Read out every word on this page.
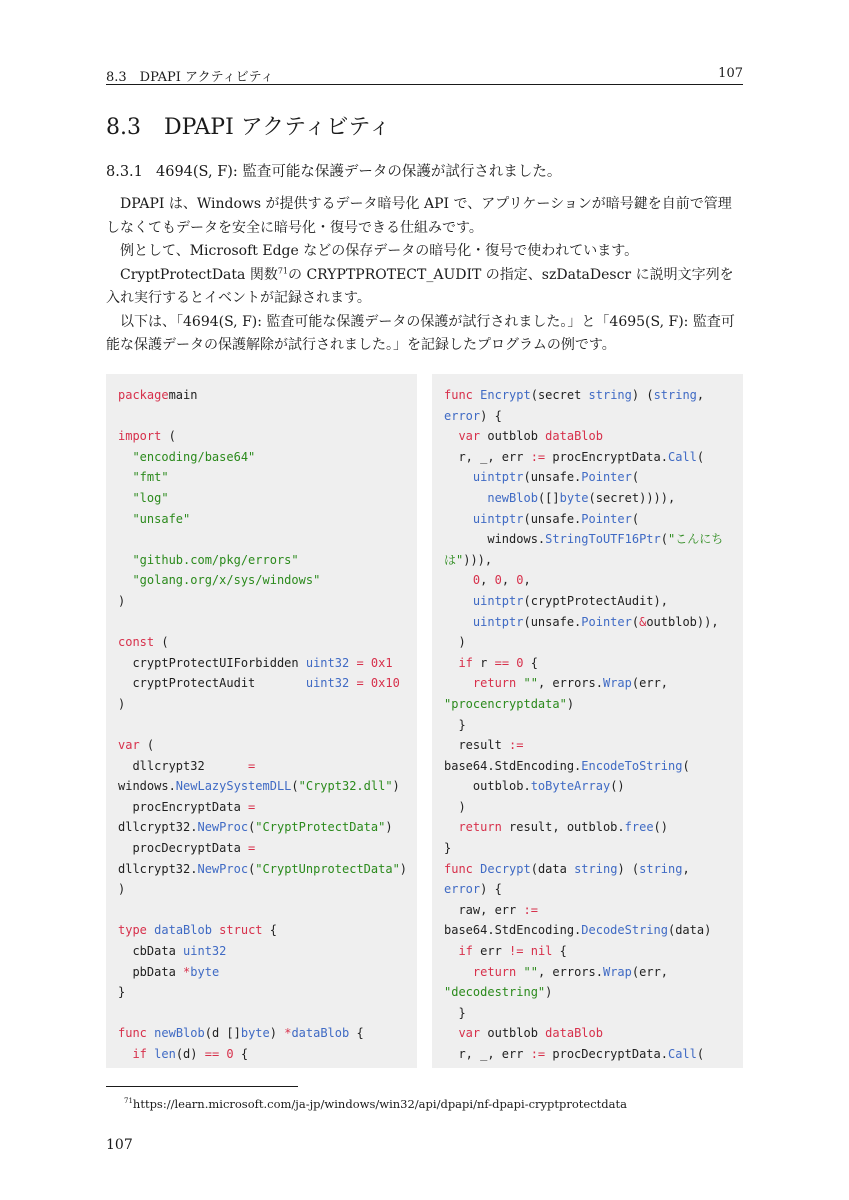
8.3　DPAPI アクティビティ	107
8.3 DPAPI アクティビティ
8.3.1 4694(S, F): 監査可能な保護データの保護が試行されました。

DPAPI は、Windows が提供するデータ暗号化 API で、アプリケーションが暗号鍵を自前で管理しなくてもデータを安全に暗号化・復号できる仕組みです。

例として、Microsoft Edge などの保存データの暗号化・復号で使われています。

CryptProtectData 関数$^{71}$の CRYPTPROTECT_AUDIT の指定、szDataDescr に説明文字列を入れ実行するとイベントが記録されます。

以下は、「4694(S, F): 監査可能な保護データの保護が試行されました。」と「4695(S, F): 監査可能な保護データの保護解除が試行されました。」を記録したプログラムの例です。

packagemain

import (
"encoding/base64"
"fmt"
"log"
"unsafe"

"github.com/pkg/errors"
"golang.org/x/sys/windows"
)

const (
cryptProtectUIForbidden uint32 = 0x1
cryptProtectAudit       uint32 = 0x10
)

var (
dllcrypt32      =
windows.NewLazySystemDLL("Crypt32.dll")
procEncryptData =
dllcrypt32.NewProc("CryptProtectData")
procDecryptData =
dllcrypt32.NewProc("CryptUnprotectData")
)

type dataBlob struct {
cbData uint32
pbData *byte
}

func newBlob(d []byte) *dataBlob {
if len(d) == 0 {
func Encrypt(secret string) (string,
error) {
var outblob dataBlob
r, _, err := procEncryptData.Call(
uintptr(unsafe.Pointer(
newBlob([]byte(secret)))),
uintptr(unsafe.Pointer(
windows.StringToUTF16Ptr("こんにち
は"))),
0, 0, 0,
uintptr(cryptProtectAudit),
uintptr(unsafe.Pointer(&outblob)),
)
if r == 0 {
return "", errors.Wrap(err,
"procencryptdata")
}
result :=
base64.StdEncoding.EncodeToString(
outblob.toByteArray()
)
return result, outblob.free()
}
func Decrypt(data string) (string,
error) {
raw, err :=
base64.StdEncoding.DecodeString(data)
if err != nil {
return "", errors.Wrap(err,
"decodestring")
}
var outblob dataBlob
r, _, err := procDecryptData.Call(
$^{71}$https://learn.microsoft.com/ja-jp/windows/win32/api/dpapi/nf-dpapi-cryptprotectdata
107
